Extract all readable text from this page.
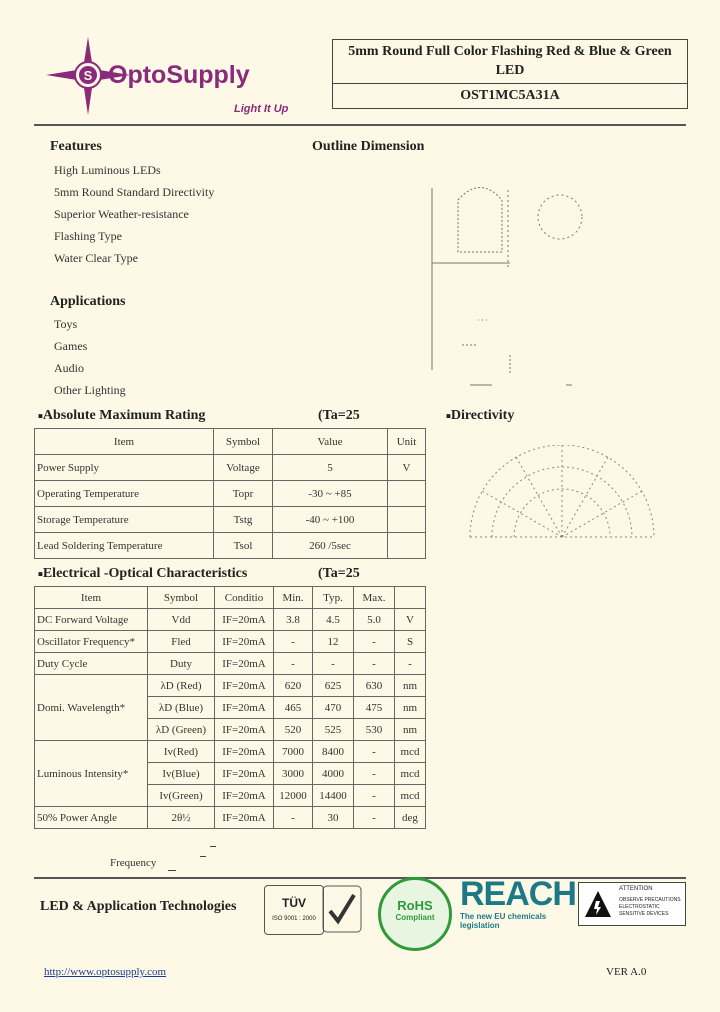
S OptoSupply
Light It Up
5mm Round Full Color Flashing Red & Blue & Green LED
OST1MC5A31A
Features
High Luminous LEDs
5mm Round Standard Directivity
Superior Weather-resistance
Flashing Type
Water Clear Type
Outline Dimension
Applications
Toys
Games
Audio
Other Lighting
■Absolute Maximum Rating	(Ta=25
Item	Symbol	Value	Unit
Power Supply	Voltage	5	V
Operating Temperature	Topr	-30 ~ +85	
Storage Temperature	Tstg	-40 ~ +100	
Lead Soldering Temperature	Tsol	260 /5sec	
■Directivity
■Electrical -Optical Characteristics	(Ta=25
Item	Symbol	Conditio	Min.	Typ.	Max.	
DC Forward Voltage	Vdd	IF=20mA	3.8	4.5	5.0	V
Oscillator Frequency*	Fled	IF=20mA	-	12	-	S
Duty Cycle	Duty	IF=20mA	-	-	-	-
Domi. Wavelength*	λD (Red)	IF=20mA	620	625	630	nm
	λD (Blue)	IF=20mA	465	470	475	nm
	λD (Green)	IF=20mA	520	525	530	nm
Luminous Intensity*	Iv(Red)	IF=20mA	7000	8400	-	mcd
	Iv(Blue)	IF=20mA	3000	4000	-	mcd
	Iv(Green)	IF=20mA	12000	14400	-	mcd
50% Power Angle	2θ½	IF=20mA	-	30	-	deg
Frequency
LED & Application Technologies	TÜV
ISO 9001 : 2000
RoHS
Compliant
REACH
The new EU chemicals legislation
ATTENTION
OBSERVE PRECAUTIONS
ELECTROSTATIC
SENSITIVE DEVICES
http://www.optosupply.com	VER A.0
